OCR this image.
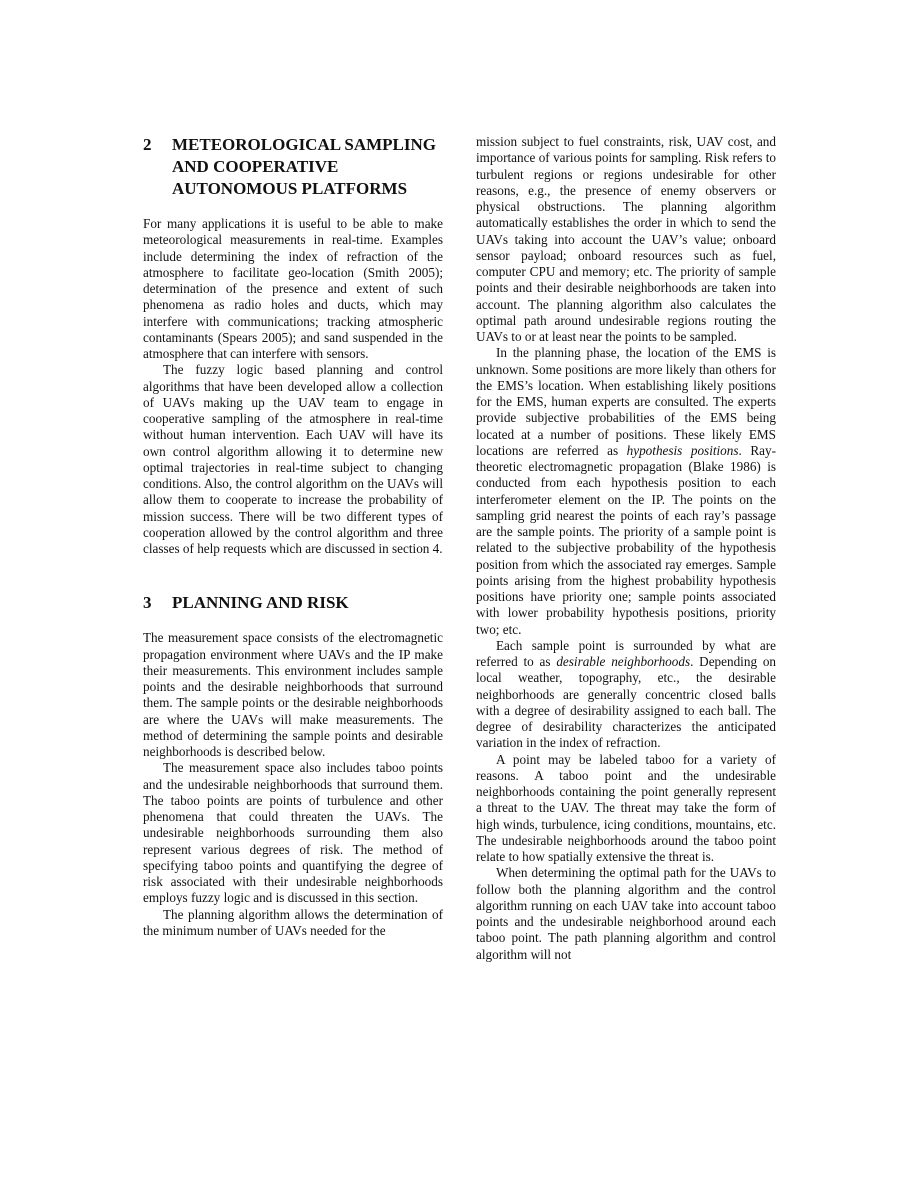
2	METEOROLOGICAL SAMPLING AND COOPERATIVE AUTONOMOUS PLATFORMS

For many applications it is useful to be able to make meteorological measurements in real-time. Examples include determining the index of refraction of the atmosphere to facilitate geo-location (Smith 2005); determination of the presence and extent of such phenomena as radio holes and ducts, which may interfere with communications; tracking atmospheric contaminants (Spears 2005); and sand suspended in the atmosphere that can interfere with sensors.

The fuzzy logic based planning and control algorithms that have been developed allow a collection of UAVs making up the UAV team to engage in cooperative sampling of the atmosphere in real-time without human intervention. Each UAV will have its own control algorithm allowing it to determine new optimal trajectories in real-time subject to changing conditions. Also, the control algorithm on the UAVs will allow them to cooperate to increase the probability of mission success. There will be two different types of cooperation allowed by the control algorithm and three classes of help requests which are discussed in section 4.

3	PLANNING AND RISK

The measurement space consists of the electromagnetic propagation environment where UAVs and the IP make their measurements. This environment includes sample points and the desirable neighborhoods that surround them. The sample points or the desirable neighborhoods are where the UAVs will make measurements. The method of determining the sample points and desirable neighborhoods is described below.

The measurement space also includes taboo points and the undesirable neighborhoods that surround them. The taboo points are points of turbulence and other phenomena that could threaten the UAVs. The undesirable neighborhoods surrounding them also represent various degrees of risk. The method of specifying taboo points and quantifying the degree of risk associated with their undesirable neighborhoods employs fuzzy logic and is discussed in this section.

The planning algorithm allows the determination of the minimum number of UAVs needed for the

mission subject to fuel constraints, risk, UAV cost, and importance of various points for sampling. Risk refers to turbulent regions or regions undesirable for other reasons, e.g., the presence of enemy observers or physical obstructions. The planning algorithm automatically establishes the order in which to send the UAVs taking into account the UAV’s value; onboard sensor payload; onboard resources such as fuel, computer CPU and memory; etc. The priority of sample points and their desirable neighborhoods are taken into account. The planning algorithm also calculates the optimal path around undesirable regions routing the UAVs to or at least near the points to be sampled.

In the planning phase, the location of the EMS is unknown. Some positions are more likely than others for the EMS’s location. When establishing likely positions for the EMS, human experts are consulted. The experts provide subjective probabilities of the EMS being located at a number of positions. These likely EMS locations are referred as hypothesis positions. Ray-theoretic electromagnetic propagation (Blake 1986) is conducted from each hypothesis position to each interferometer element on the IP. The points on the sampling grid nearest the points of each ray’s passage are the sample points. The priority of a sample point is related to the subjective probability of the hypothesis position from which the associated ray emerges. Sample points arising from the highest probability hypothesis positions have priority one; sample points associated with lower probability hypothesis positions, priority two; etc.

Each sample point is surrounded by what are referred to as desirable neighborhoods. Depending on local weather, topography, etc., the desirable neighborhoods are generally concentric closed balls with a degree of desirability assigned to each ball. The degree of desirability characterizes the anticipated variation in the index of refraction.

A point may be labeled taboo for a variety of reasons. A taboo point and the undesirable neighborhoods containing the point generally represent a threat to the UAV. The threat may take the form of high winds, turbulence, icing conditions, mountains, etc. The undesirable neighborhoods around the taboo point relate to how spatially extensive the threat is.

When determining the optimal path for the UAVs to follow both the planning algorithm and the control algorithm running on each UAV take into account taboo points and the undesirable neighborhood around each taboo point. The path planning algorithm and control algorithm will not
